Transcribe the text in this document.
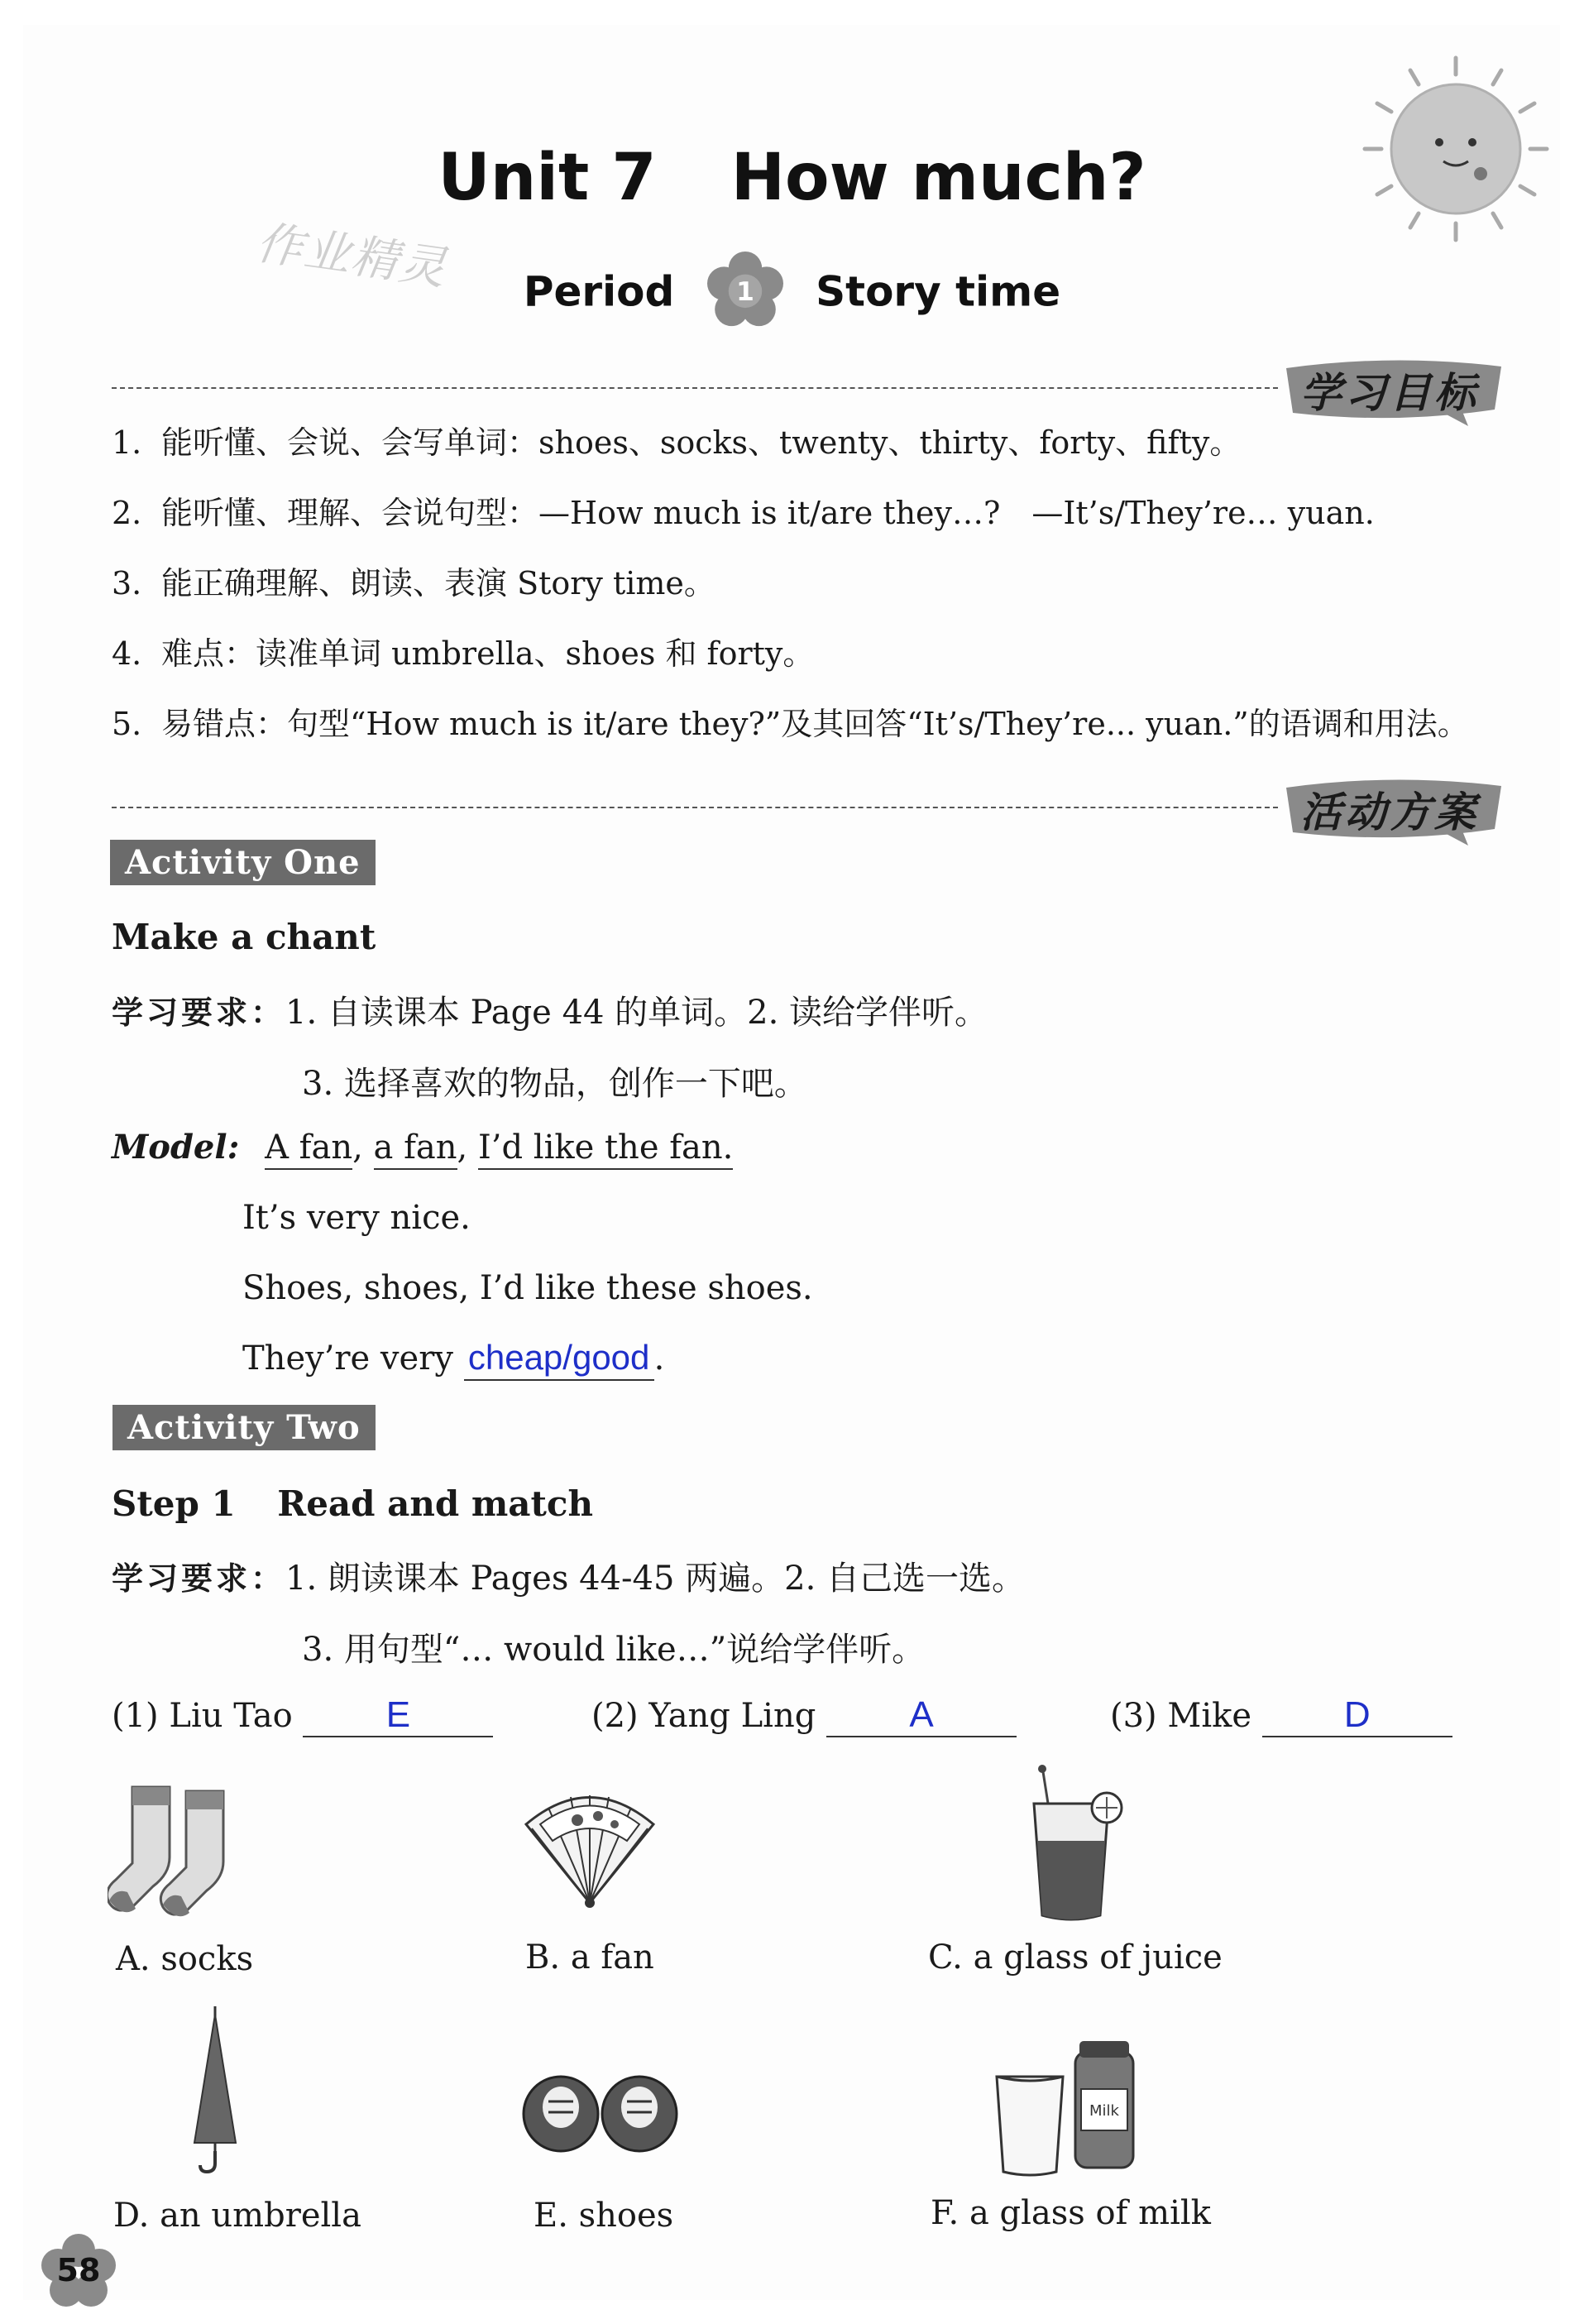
作业精灵
Unit 7 How much?
Period 1 Story time
学习目标
1. 能听懂、会说、会写单词：shoes、socks、twenty、thirty、forty、fifty。
2. 能听懂、理解、会说句型：—How much is it/are they…?　—It’s/They’re… yuan.
3. 能正确理解、朗读、表演 Story time。
4. 难点：读准单词 umbrella、shoes 和 forty。
5. 易错点：句型“How much is it/are they?”及其回答“It’s/They’re... yuan.”的语调和用法。
活动方案
Activity One
Make a chant
学习要求：1. 自读课本 Page 44 的单词。2. 读给学伴听。
3. 选择喜欢的物品，创作一下吧。
Model: A fan, a fan, I’d like the fan.
It’s very nice.
Shoes, shoes, I’d like these shoes.
They’re very cheap/good .
Activity Two
Step 1 Read and match
学习要求：1. 朗读课本 Pages 44-45 两遍。2. 自己选一选。
3. 用句型“… would like…”说给学伴听。
(1) Liu Tao	E	(2) Yang Ling	A	(3) Mike	D
A. socks	B. a fan	C. a glass of juice
Milk
D. an umbrella	E. shoes	F. a glass of milk
58
